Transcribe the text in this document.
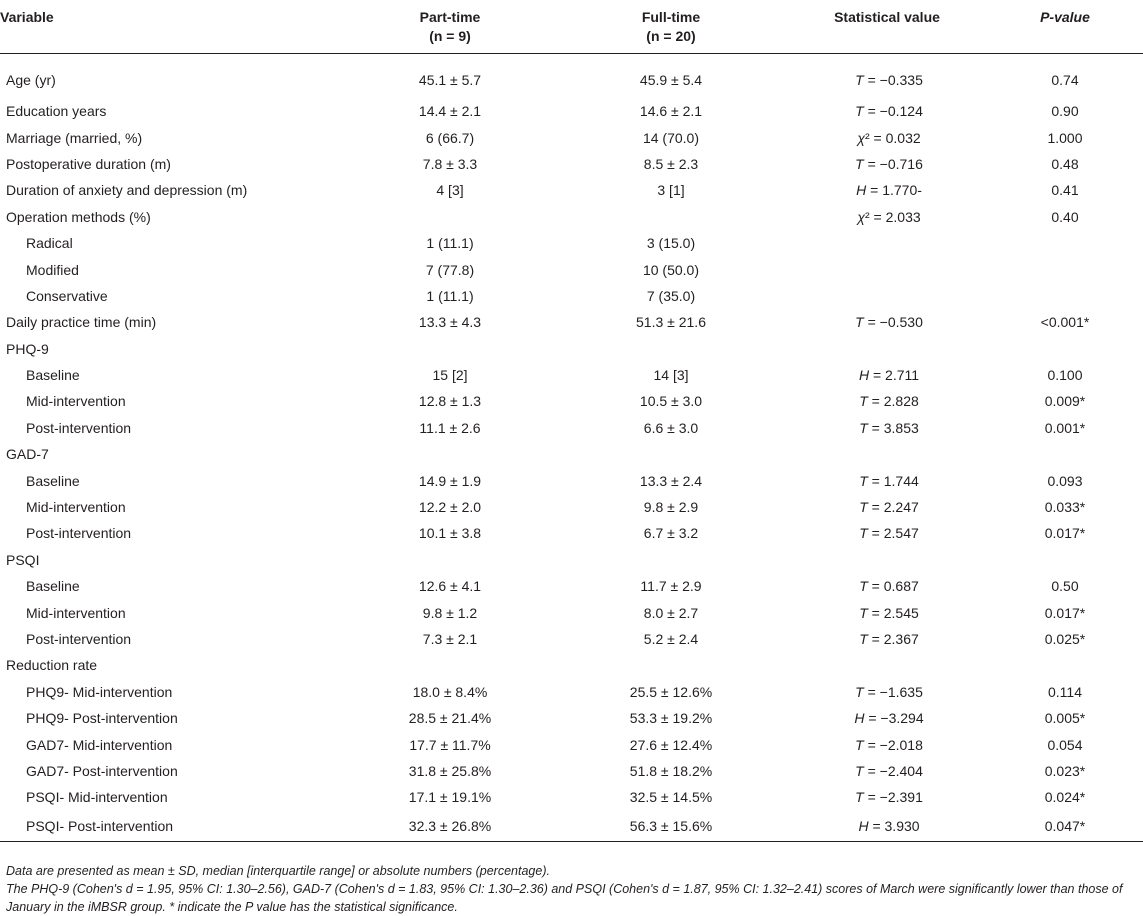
Variable	Part-time	Full-time	Statistical value	P-value
	(n = 9)	(n = 20)		
Age (yr)	45.1 ± 5.7	45.9 ± 5.4	T = −0.335	0.74
Education years	14.4 ± 2.1	14.6 ± 2.1	T = −0.124	0.90
Marriage (married, %)	6 (66.7)	14 (70.0)	χ² = 0.032	1.000
Postoperative duration (m)	7.8 ± 3.3	8.5 ± 2.3	T = −0.716	0.48
Duration of anxiety and depression (m)	4 [3]	3 [1]	H = 1.770-	0.41
Operation methods (%)			χ² = 2.033	0.40
Radical	1 (11.1)	3 (15.0)		
Modified	7 (77.8)	10 (50.0)		
Conservative	1 (11.1)	7 (35.0)		
Daily practice time (min)	13.3 ± 4.3	51.3 ± 21.6	T = −0.530	<0.001*
PHQ-9				
Baseline	15 [2]	14 [3]	H = 2.711	0.100
Mid-intervention	12.8 ± 1.3	10.5 ± 3.0	T = 2.828	0.009*
Post-intervention	11.1 ± 2.6	6.6 ± 3.0	T = 3.853	0.001*
GAD-7				
Baseline	14.9 ± 1.9	13.3 ± 2.4	T = 1.744	0.093
Mid-intervention	12.2 ± 2.0	9.8 ± 2.9	T = 2.247	0.033*
Post-intervention	10.1 ± 3.8	6.7 ± 3.2	T = 2.547	0.017*
PSQI				
Baseline	12.6 ± 4.1	11.7 ± 2.9	T = 0.687	0.50
Mid-intervention	9.8 ± 1.2	8.0 ± 2.7	T = 2.545	0.017*
Post-intervention	7.3 ± 2.1	5.2 ± 2.4	T = 2.367	0.025*
Reduction rate				
PHQ9- Mid-intervention	18.0 ± 8.4%	25.5 ± 12.6%	T = −1.635	0.114
PHQ9- Post-intervention	28.5 ± 21.4%	53.3 ± 19.2%	H = −3.294	0.005*
GAD7- Mid-intervention	17.7 ± 11.7%	27.6 ± 12.4%	T = −2.018	0.054
GAD7- Post-intervention	31.8 ± 25.8%	51.8 ± 18.2%	T = −2.404	0.023*
PSQI- Mid-intervention	17.1 ± 19.1%	32.5 ± 14.5%	T = −2.391	0.024*
PSQI- Post-intervention	32.3 ± 26.8%	56.3 ± 15.6%	H = 3.930	0.047*

Data are presented as mean ± SD, median [interquartile range] or absolute numbers (percentage).

The PHQ-9 (Cohen's d = 1.95, 95% CI: 1.30–2.56), GAD-7 (Cohen's d = 1.83, 95% CI: 1.30–2.36) and PSQI (Cohen's d = 1.87, 95% CI: 1.32–2.41) scores of March were significantly lower than those of January in the iMBSR group. * indicate the P value has the statistical significance.
